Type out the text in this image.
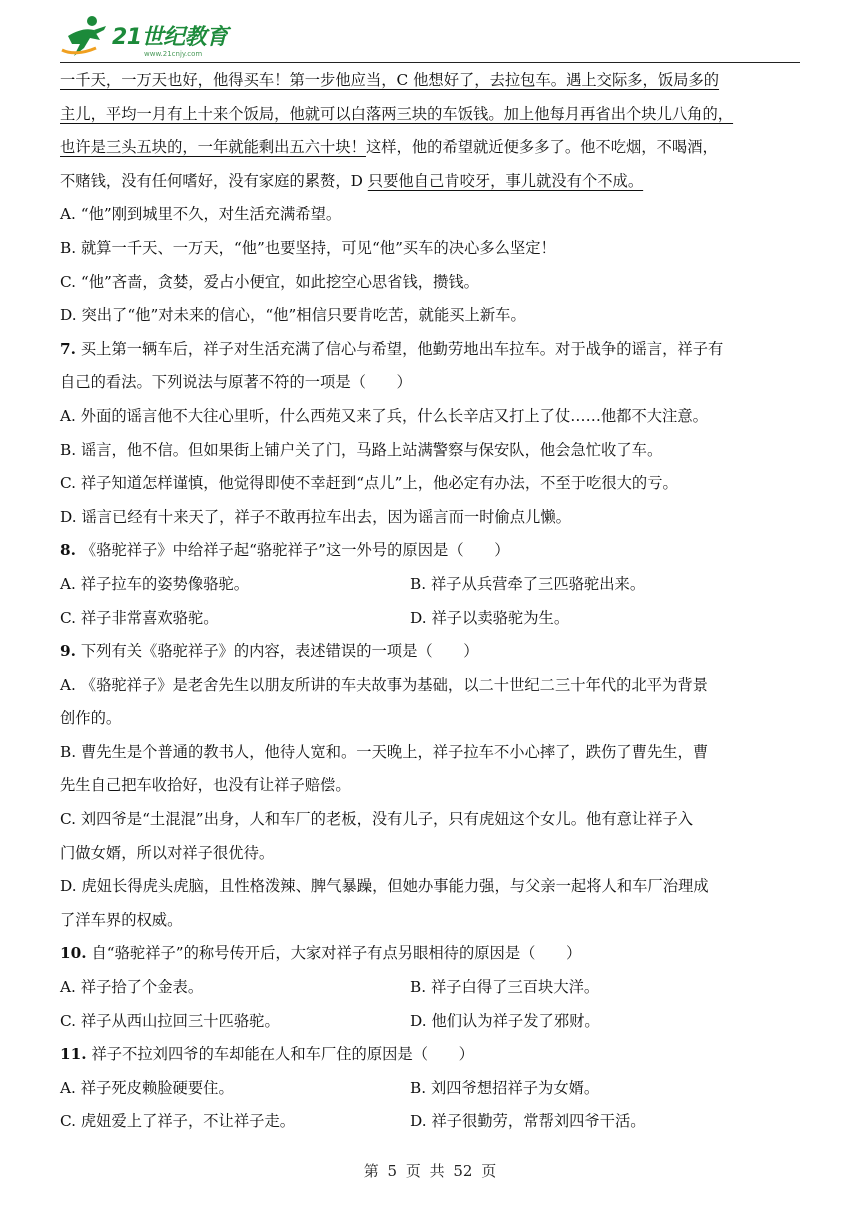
21世纪教育
www.21cnjy.com
一千天，一万天也好，他得买车！第一步他应当，C 他想好了，去拉包车。遇上交际多，饭局多的
主儿，平均一月有上十来个饭局，他就可以白落两三块的车饭钱。加上他每月再省出个块儿八角的，
也许是三头五块的，一年就能剩出五六十块！这样，他的希望就近便多多了。他不吃烟，不喝酒，
不赌钱，没有任何嗜好，没有家庭的累赘，D 只要他自己肯咬牙，事儿就没有个不成。
A. “他”刚到城里不久，对生活充满希望。
B. 就算一千天、一万天，“他”也要坚持，可见“他”买车的决心多么坚定！
C. “他”吝啬，贪婪，爱占小便宜，如此挖空心思省钱，攒钱。
D. 突出了“他”对未来的信心，“他”相信只要肯吃苦，就能买上新车。
7. 买上第一辆车后，祥子对生活充满了信心与希望，他勤劳地出车拉车。对于战争的谣言，祥子有
自己的看法。下列说法与原著不符的一项是（　　）
A. 外面的谣言他不大往心里听，什么西苑又来了兵，什么长辛店又打上了仗……他都不大注意。
B. 谣言，他不信。但如果街上铺户关了门，马路上站满警察与保安队，他会急忙收了车。
C. 祥子知道怎样谨慎，他觉得即使不幸赶到“点儿”上，他必定有办法，不至于吃很大的亏。
D. 谣言已经有十来天了，祥子不敢再拉车出去，因为谣言而一时偷点儿懒。
8. 《骆驼祥子》中给祥子起“骆驼祥子”这一外号的原因是（　　）
A. 祥子拉车的姿势像骆驼。	B. 祥子从兵营牵了三匹骆驼出来。
C. 祥子非常喜欢骆驼。	D. 祥子以卖骆驼为生。
9. 下列有关《骆驼祥子》的内容，表述错误的一项是（　　）
A. 《骆驼祥子》是老舍先生以朋友所讲的车夫故事为基础，以二十世纪二三十年代的北平为背景
创作的。
B. 曹先生是个普通的教书人，他待人宽和。一天晚上，祥子拉车不小心摔了，跌伤了曹先生，曹
先生自己把车收拾好，也没有让祥子赔偿。
C. 刘四爷是“土混混”出身，人和车厂的老板，没有儿子，只有虎妞这个女儿。他有意让祥子入
门做女婿，所以对祥子很优待。
D. 虎妞长得虎头虎脑，且性格泼辣、脾气暴躁，但她办事能力强，与父亲一起将人和车厂治理成
了洋车界的权威。
10. 自“骆驼祥子”的称号传开后，大家对祥子有点另眼相待的原因是（　　）
A. 祥子拾了个金表。	B. 祥子白得了三百块大洋。
C. 祥子从西山拉回三十匹骆驼。	D. 他们认为祥子发了邪财。
11. 祥子不拉刘四爷的车却能在人和车厂住的原因是（　　）
A. 祥子死皮赖脸硬要住。	B. 刘四爷想招祥子为女婿。
C. 虎妞爱上了祥子，不让祥子走。	D. 祥子很勤劳，常帮刘四爷干活。
第 5 页 共 52 页
